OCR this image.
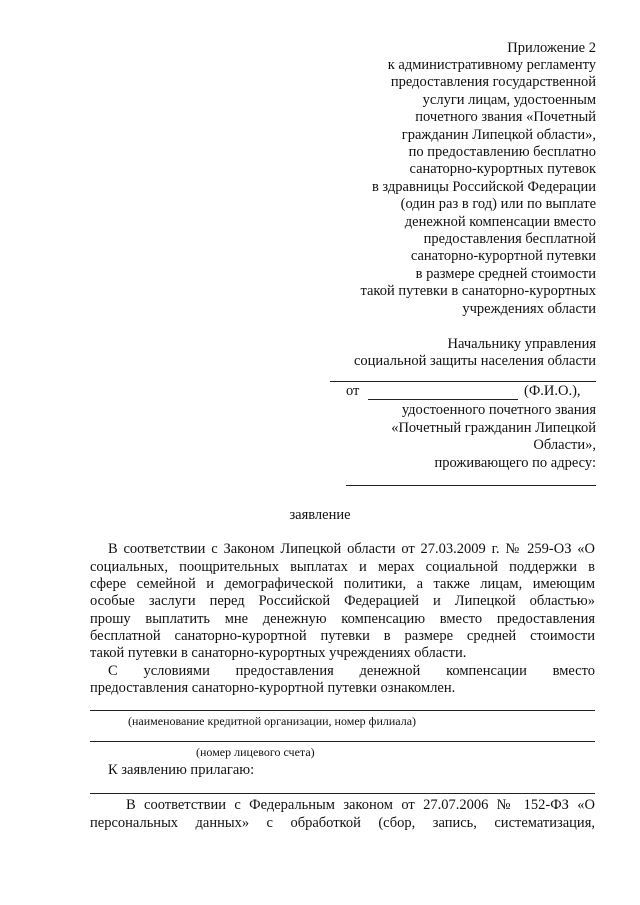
Приложение 2
к административному регламенту
предоставления государственной
услуги лицам, удостоенным
почетного звания «Почетный
гражданин Липецкой области»,
по предоставлению бесплатно
санаторно-курортных путевок
в здравницы Российской Федерации
(один раз в год) или по выплате
денежной компенсации вместо
предоставления бесплатной
санаторно-курортной путевки
в размере средней стоимости
такой путевки в санаторно-курортных
учреждениях области
Начальнику управления
социальной защиты населения области
от	(Ф.И.О.),
удостоенного почетного звания
«Почетный гражданин Липецкой
Области»,
проживающего по адресу:
заявление
В соответствии с Законом Липецкой области от 27.03.2009 г. № 259-ОЗ «О
социальных, поощрительных выплатах и мерах социальной поддержки в
сфере семейной и демографической политики, а также лицам, имеющим
особые заслуги перед Российской Федерацией и Липецкой областью»
прошу выплатить мне денежную компенсацию вместо предоставления
бесплатной санаторно-курортной путевки в размере средней стоимости
такой путевки в санаторно-курортных учреждениях области.
С условиями предоставления денежной компенсации вместо
предоставления санаторно-курортной путевки ознакомлен.
(наименование кредитной организации, номер филиала)
(номер лицевого счета)
К заявлению прилагаю:
В соответствии с Федеральным законом от 27.07.2006 № 152-ФЗ «О
персональных данных» с обработкой (сбор, запись, систематизация,
